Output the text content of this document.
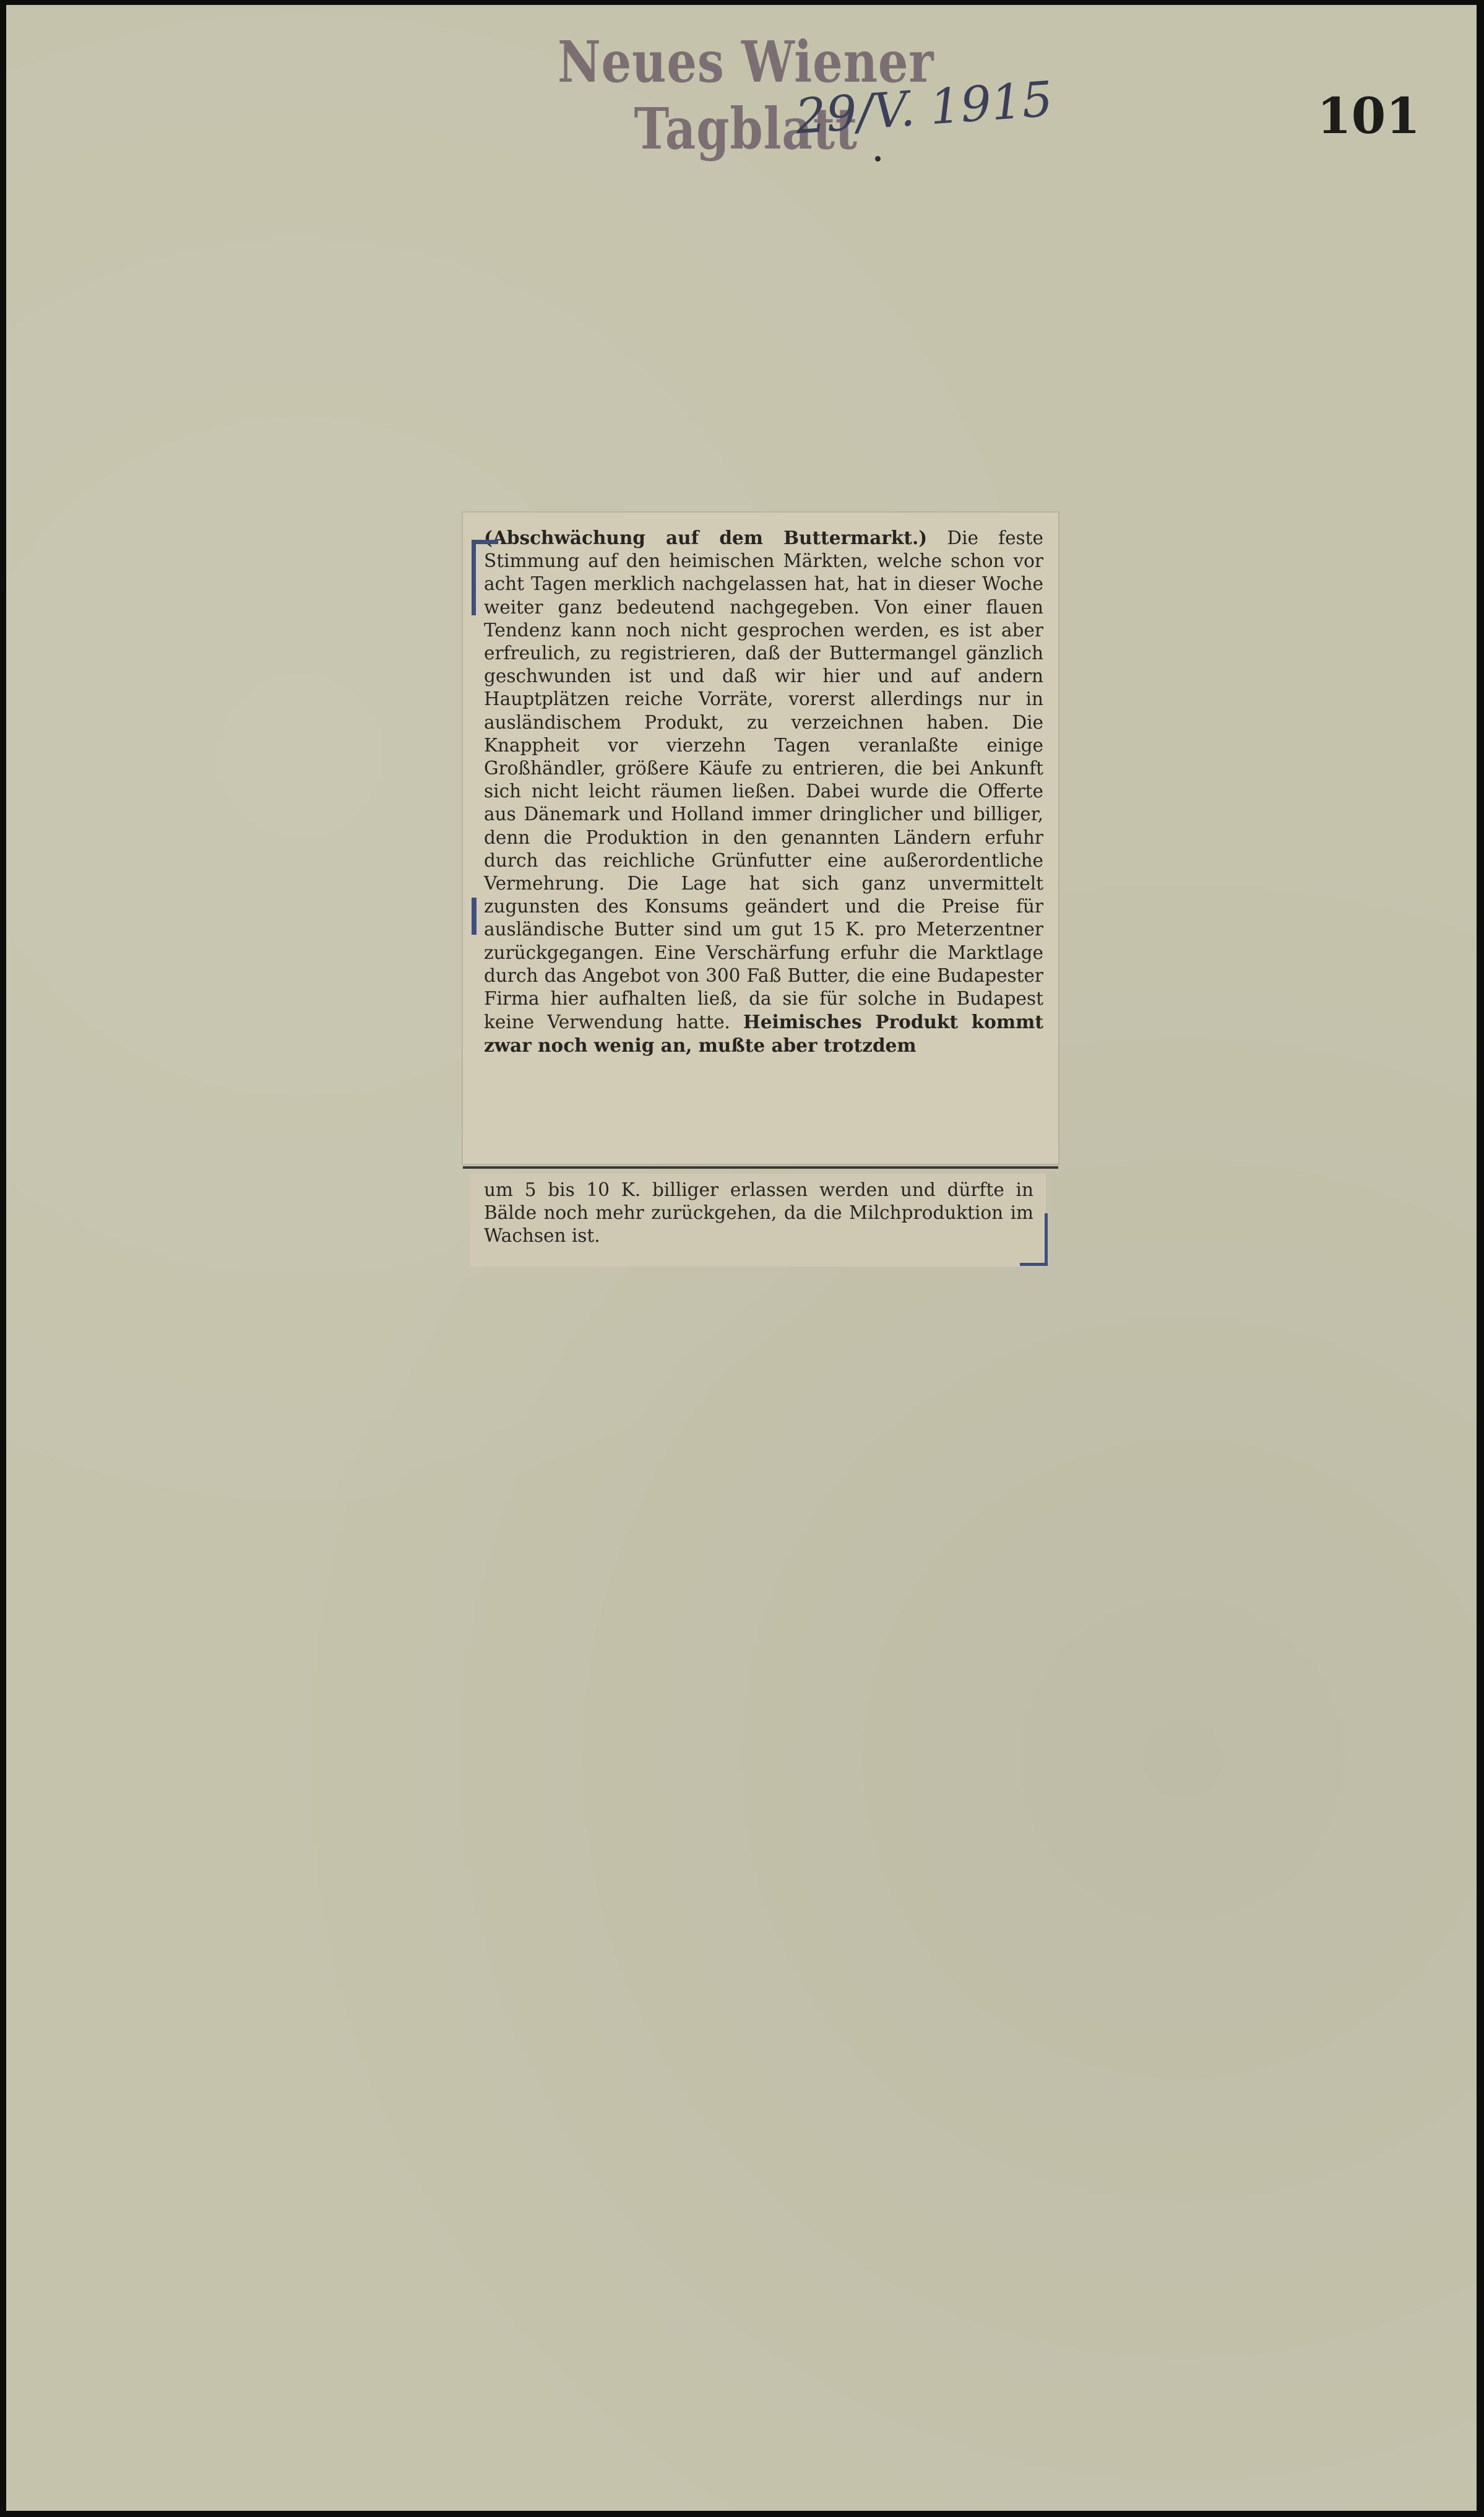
Neues Wiener Tagblatt
29/V. 1915	101

(Abschwächung auf dem Buttermarkt.) Die feste Stimmung auf den heimischen Märkten, welche schon vor acht Tagen merklich nachgelassen hat, hat in dieser Woche weiter ganz bedeutend nachgegeben. Von einer flauen Tendenz kann noch nicht gesprochen werden, es ist aber erfreulich, zu registrieren, daß der Buttermangel gänzlich geschwunden ist und daß wir hier und auf andern Hauptplätzen reiche Vorräte, vorerst allerdings nur in ausländischem Produkt, zu verzeichnen haben. Die Knappheit vor vierzehn Tagen veranlaßte einige Großhändler, größere Käufe zu entrieren, die bei Ankunft sich nicht leicht räumen ließen. Dabei wurde die Offerte aus Dänemark und Holland immer dringlicher und billiger, denn die Produktion in den genannten Ländern erfuhr durch das reichliche Grünfutter eine außerordentliche Vermehrung. Die Lage hat sich ganz unvermittelt zugunsten des Konsums geändert und die Preise für ausländische Butter sind um gut 15 K. pro Meterzentner zurückgegangen. Eine Verschärfung erfuhr die Marktlage durch das Angebot von 300 Faß Butter, die eine Budapester Firma hier aufhalten ließ, da sie für solche in Budapest keine Verwendung hatte. Heimisches Produkt kommt zwar noch wenig an, mußte aber trotzdem

um 5 bis 10 K. billiger erlassen werden und dürfte in Bälde noch mehr zurückgehen, da die Milchproduktion im Wachsen ist.
